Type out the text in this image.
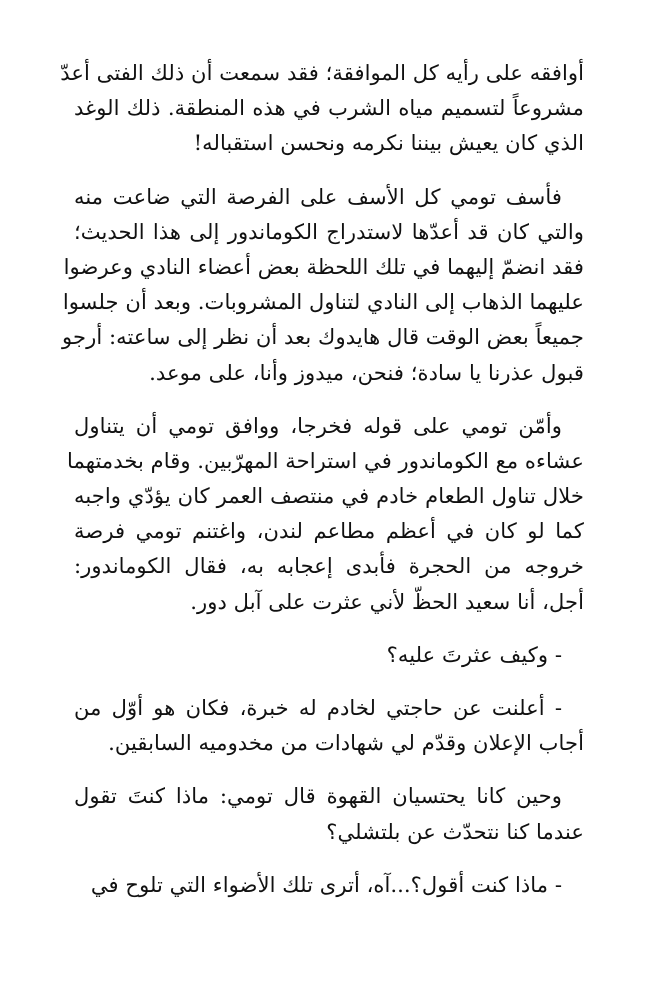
أوافقه على رأيه كل الموافقة؛ فقد سمعت أن ذلك الفتى أعدّ
مشروعاً لتسميم مياه الشرب في هذه المنطقة. ذلك الوغد
الذي كان يعيش بيننا نكرمه ونحسن استقباله!

فأسف تومي كل الأسف على الفرصة التي ضاعت منه
والتي كان قد أعدّها لاستدراج الكوماندور إلى هذا الحديث؛
فقد انضمّ إليهما في تلك اللحظة بعض أعضاء النادي وعرضوا
عليهما الذهاب إلى النادي لتناول المشروبات. وبعد أن جلسوا
جميعاً بعض الوقت قال هايدوك بعد أن نظر إلى ساعته: أرجو
قبول عذرنا يا سادة؛ فنحن، ميدوز وأنا، على موعد.

وأمّن تومي على قوله فخرجا، ووافق تومي أن يتناول
عشاءه مع الكوماندور في استراحة المهرّبين. وقام بخدمتهما
خلال تناول الطعام خادم في منتصف العمر كان يؤدّي واجبه
كما لو كان في أعظم مطاعم لندن، واغتنم تومي فرصة
خروجه من الحجرة فأبدى إعجابه به، فقال الكوماندور:
أجل، أنا سعيد الحظّ لأني عثرت على آبل دور.

- وكيف عثرتَ عليه؟

- أعلنت عن حاجتي لخادم له خبرة، فكان هو أوّل من
أجاب الإعلان وقدّم لي شهادات من مخدوميه السابقين.

وحين كانا يحتسيان القهوة قال تومي: ماذا كنتَ تقول
عندما كنا نتحدّث عن بلتشلي؟

- ماذا كنت أقول؟...آه، أترى تلك الأضواء التي تلوح في
